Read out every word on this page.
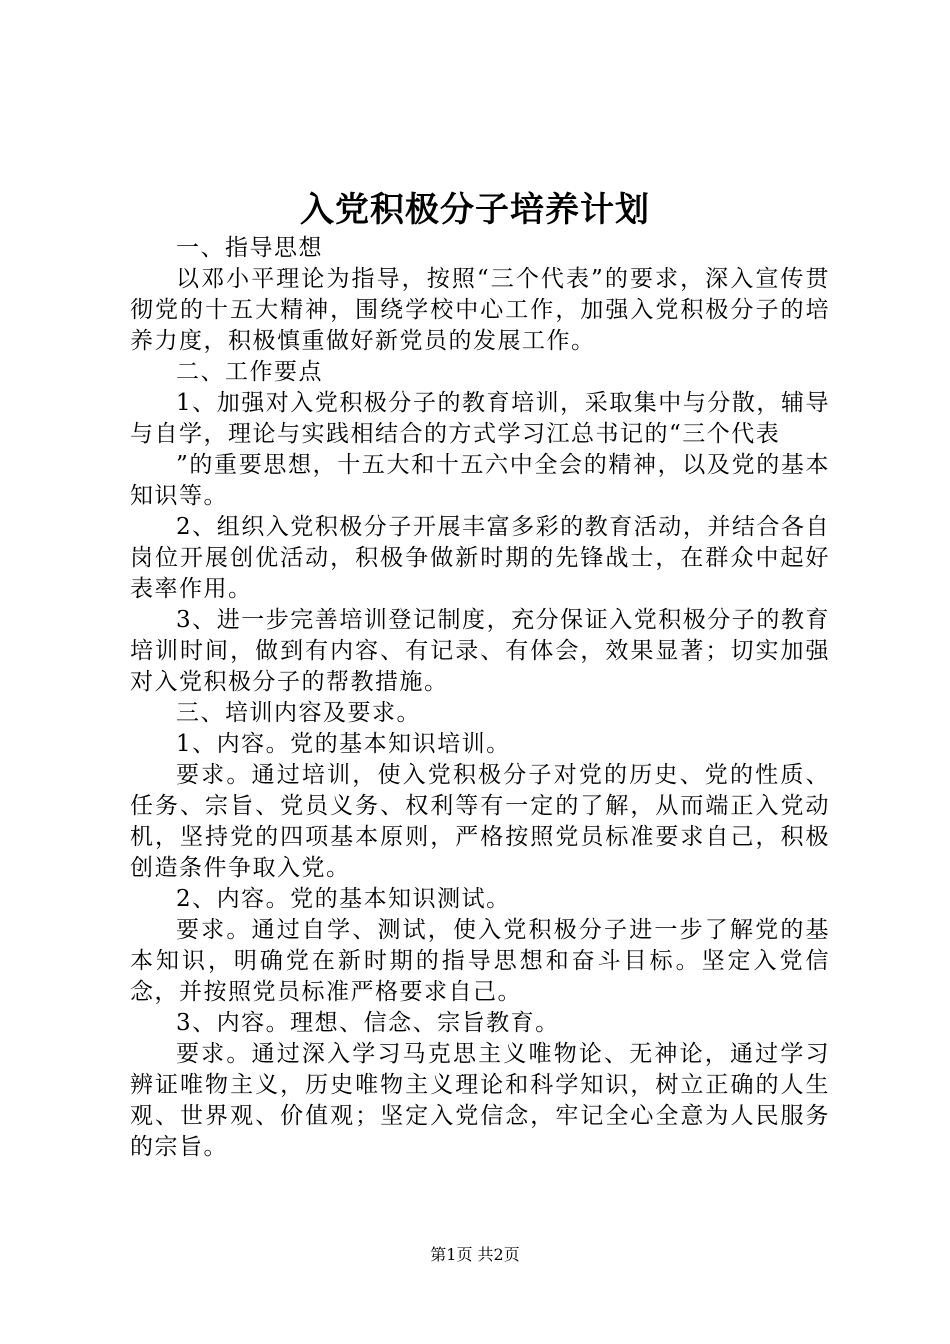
入党积极分子培养计划

一、指导思想

以邓小平理论为指导，按照“三个代表”的要求，深入宣传贯彻党的十五大精神，围绕学校中心工作，加强入党积极分子的培养力度，积极慎重做好新党员的发展工作。

二、工作要点

1、加强对入党积极分子的教育培训，采取集中与分散，辅导与自学，理论与实践相结合的方式学习江总书记的“三个代表

”的重要思想，十五大和十五六中全会的精神，以及党的基本知识等。

2、组织入党积极分子开展丰富多彩的教育活动，并结合各自岗位开展创优活动，积极争做新时期的先锋战士，在群众中起好表率作用。

3、进一步完善培训登记制度，充分保证入党积极分子的教育培训时间，做到有内容、有记录、有体会，效果显著；切实加强对入党积极分子的帮教措施。

三、培训内容及要求。

1、内容。党的基本知识培训。

要求。通过培训，使入党积极分子对党的历史、党的性质、任务、宗旨、党员义务、权利等有一定的了解，从而端正入党动机，坚持党的四项基本原则，严格按照党员标准要求自己，积极创造条件争取入党。

2、内容。党的基本知识测试。

要求。通过自学、测试，使入党积极分子进一步了解党的基本知识，明确党在新时期的指导思想和奋斗目标。坚定入党信念，并按照党员标准严格要求自己。

3、内容。理想、信念、宗旨教育。

要求。通过深入学习马克思主义唯物论、无神论，通过学习辨证唯物主义，历史唯物主义理论和科学知识，树立正确的人生观、世界观、价值观；坚定入党信念，牢记全心全意为人民服务的宗旨。

第1页 共2页
